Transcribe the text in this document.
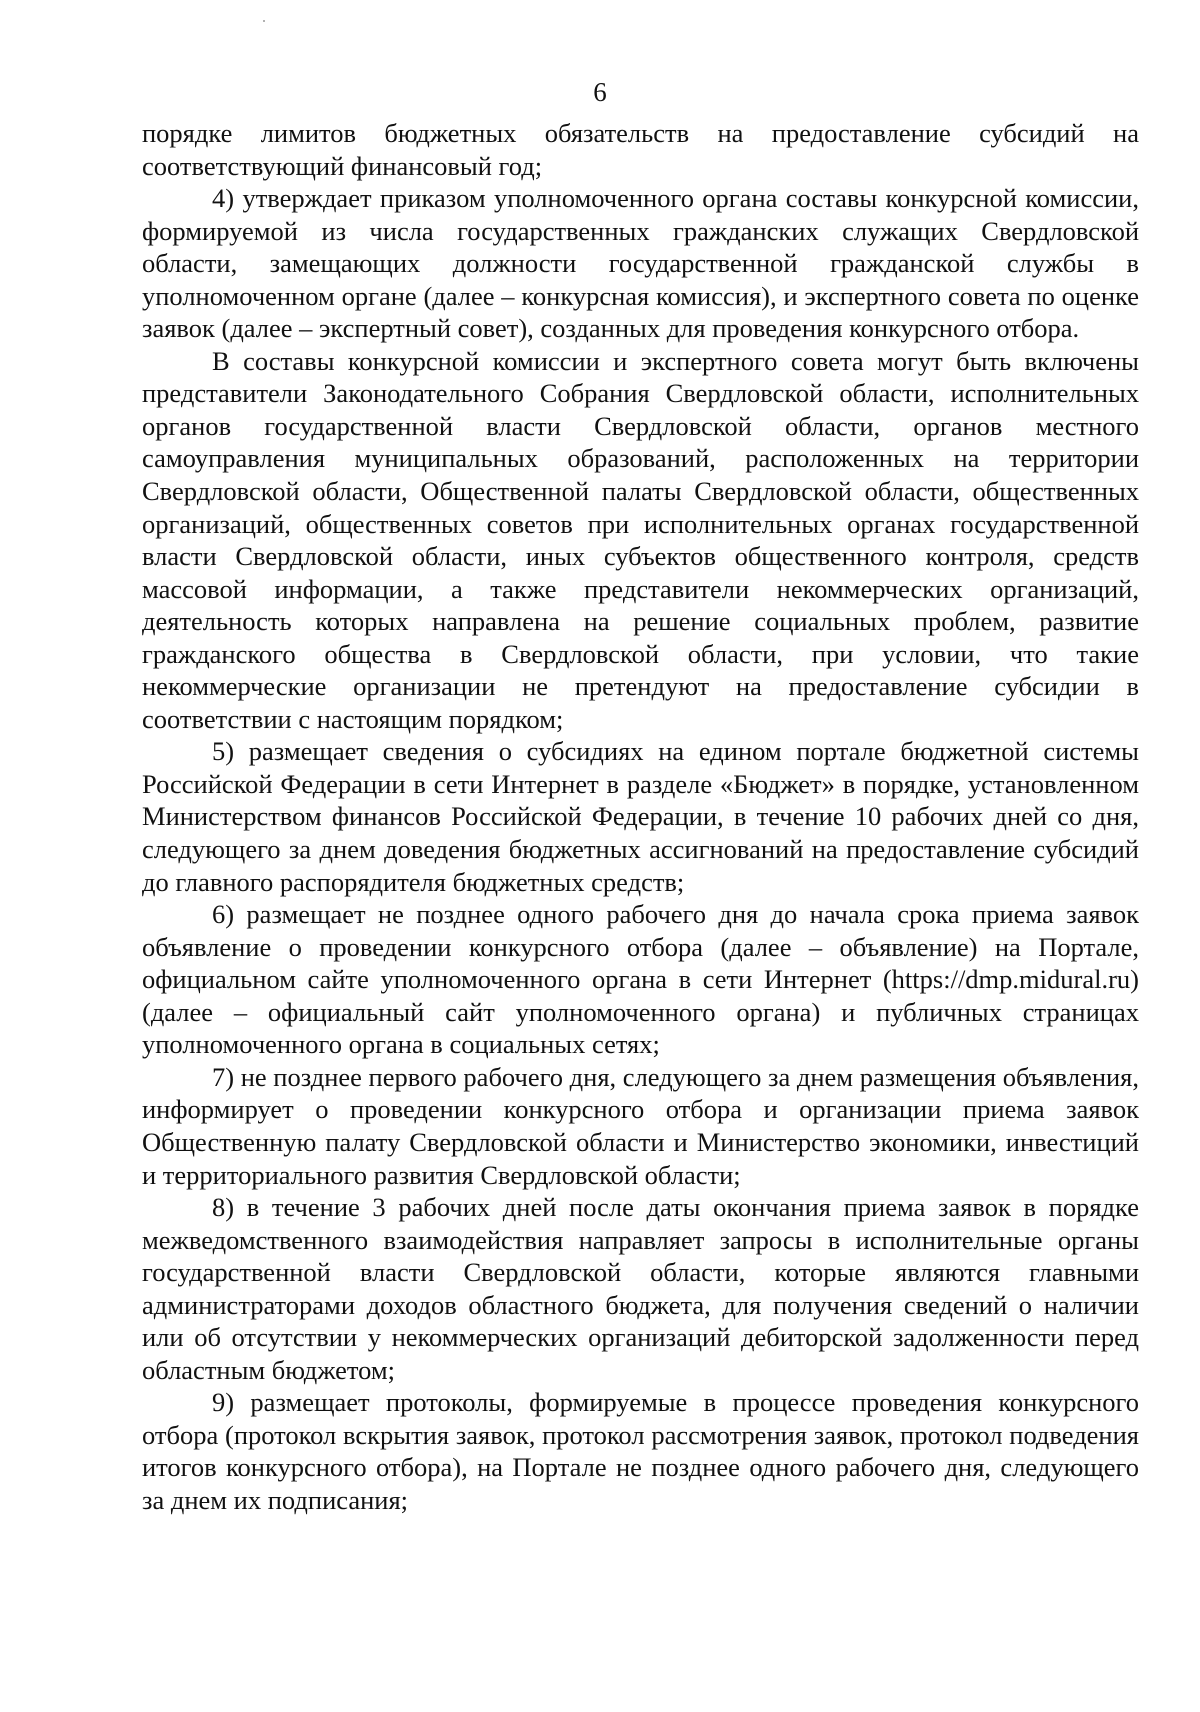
6

порядке лимитов бюджетных обязательств на предоставление субсидий на соответствующий финансовый год;

4) утверждает приказом уполномоченного органа составы конкурсной комиссии, формируемой из числа государственных гражданских служащих Свердловской области, замещающих должности государственной гражданской службы в уполномоченном органе (далее – конкурсная комиссия), и экспертного совета по оценке заявок (далее – экспертный совет), созданных для проведения конкурсного отбора.

В составы конкурсной комиссии и экспертного совета могут быть включены представители Законодательного Собрания Свердловской области, исполнительных органов государственной власти Свердловской области, органов местного самоуправления муниципальных образований, расположенных на территории Свердловской области, Общественной палаты Свердловской области, общественных организаций, общественных советов при исполнительных органах государственной власти Свердловской области, иных субъектов общественного контроля, средств массовой информации, а также представители некоммерческих организаций, деятельность которых направлена на решение социальных проблем, развитие гражданского общества в Свердловской области, при условии, что такие некоммерческие организации не претендуют на предоставление субсидии в соответствии с настоящим порядком;

5) размещает сведения о субсидиях на едином портале бюджетной системы Российской Федерации в сети Интернет в разделе «Бюджет» в порядке, установленном Министерством финансов Российской Федерации, в течение 10 рабочих дней со дня, следующего за днем доведения бюджетных ассигнований на предоставление субсидий до главного распорядителя бюджетных средств;

6) размещает не позднее одного рабочего дня до начала срока приема заявок объявление о проведении конкурсного отбора (далее – объявление) на Портале, официальном сайте уполномоченного органа в сети Интернет (https://dmp.midural.ru) (далее – официальный сайт уполномоченного органа) и публичных страницах уполномоченного органа в социальных сетях;

7) не позднее первого рабочего дня, следующего за днем размещения объявления, информирует о проведении конкурсного отбора и организации приема заявок Общественную палату Свердловской области и Министерство экономики, инвестиций и территориального развития Свердловской области;

8) в течение 3 рабочих дней после даты окончания приема заявок в порядке межведомственного взаимодействия направляет запросы в исполнительные органы государственной власти Свердловской области, которые являются главными администраторами доходов областного бюджета, для получения сведений о наличии или об отсутствии у некоммерческих организаций дебиторской задолженности перед областным бюджетом;

9) размещает протоколы, формируемые в процессе проведения конкурсного отбора (протокол вскрытия заявок, протокол рассмотрения заявок, протокол подведения итогов конкурсного отбора), на Портале не позднее одного рабочего дня, следующего за днем их подписания;
